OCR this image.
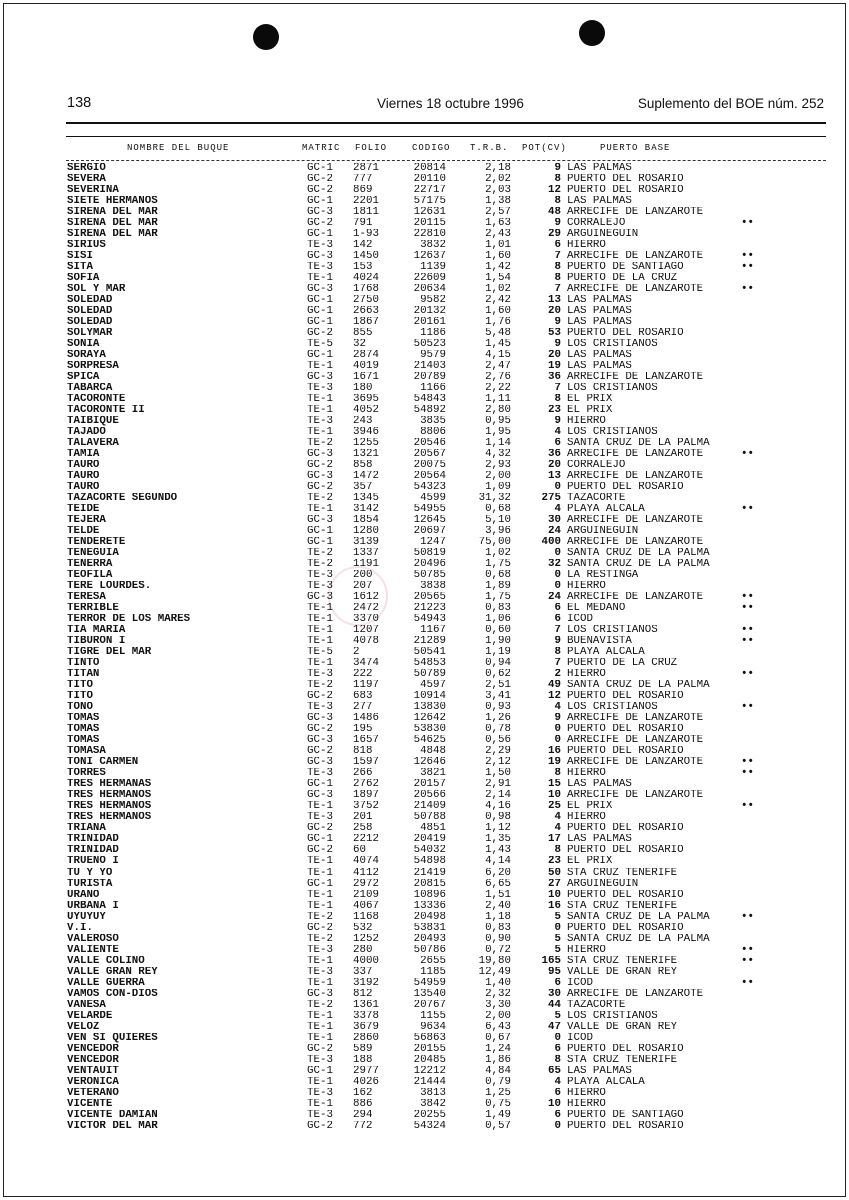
138	Viernes 18 octubre 1996	Suplemento del BOE núm. 252
NOMBRE DEL BUQUE	MATRIC FOLIO	CODIGO T.R.B. POT(CV)	PUERTO BASE
SERGIO	GC-1	2871	20814	2,18	9 LAS PALMAS
SEVERA	GC-2	777	20110	2,02	8 PUERTO DEL ROSARIO
SEVERINA	GC-2	869	22717	2,03	12 PUERTO DEL ROSARIO
SIETE HERMANOS	GC-1	2201	57175	1,38	8 LAS PALMAS
SIRENA DEL MAR	GC-3	1811	12631	2,57	48 ARRECIFE DE LANZAROTE
SIRENA DEL MAR	GC-2	791	20115	1,63	9 CORRALEJO	••
SIRENA DEL MAR	GC-1	1-93	22810	2,43	29 ARGUINEGUIN
SIRIUS	TE-3	142	3832	1,01	6 HIERRO
SISI	GC-3	1450	12637	1,60	7 ARRECIFE DE LANZAROTE	••
SITA	TE-3	153	1139	1,42	8 PUERTO DE SANTIAGO	••
SOFIA	TE-1	4024	22609	1,54	8 PUERTO DE LA CRUZ
SOL Y MAR	GC-3	1768	20634	1,02	7 ARRECIFE DE LANZAROTE	••
SOLEDAD	GC-1	2750	9582	2,42	13 LAS PALMAS
SOLEDAD	GC-1	2663	20132	1,60	20 LAS PALMAS
SOLEDAD	GC-1	1867	20161	1,76	9 LAS PALMAS
SOLYMAR	GC-2	855	1186	5,48	53 PUERTO DEL ROSARIO
SONIA	TE-5	32	50523	1,45	9 LOS CRISTIANOS
SORAYA	GC-1	2874	9579	4,15	20 LAS PALMAS
SORPRESA	TE-1	4019	21403	2,47	19 LAS PALMAS
SPICA	GC-3	1671	20789	2,76	36 ARRECIFE DE LANZAROTE
TABARCA	TE-3	180	1166	2,22	7 LOS CRISTIANOS
TACORONTE	TE-1	3695	54843	1,11	8 EL PRIX
TACORONTE II	TE-1	4052	54892	2,80	23 EL PRIX
TAIBIQUE	TE-3	243	3835	0,95	9 HIERRO
TAJADO	TE-1	3946	8806	1,95	4 LOS CRISTIANOS
TALAVERA	TE-2	1255	20546	1,14	6 SANTA CRUZ DE LA PALMA
TAMIA	GC-3	1321	20567	4,32	36 ARRECIFE DE LANZAROTE	••
TAURO	GC-2	858	20075	2,93	20 CORRALEJO
TAURO	GC-3	1472	20564	2,00	13 ARRECIFE DE LANZAROTE
TAURO	GC-2	357	54323	1,09	0 PUERTO DEL ROSARIO
TAZACORTE SEGUNDO	TE-2	1345	4599	31,32	275 TAZACORTE
TEIDE	TE-1	3142	54955	0,68	4 PLAYA ALCALA	••
TEJERA	GC-3	1854	12645	5,10	30 ARRECIFE DE LANZAROTE
TELDE	GC-1	1280	20697	3,96	24 ARGUINEGUIN
TENDERETE	GC-1	3139	1247	75,00	400 ARRECIFE DE LANZAROTE
TENEGUIA	TE-2	1337	50819	1,02	0 SANTA CRUZ DE LA PALMA
TENERRA	TE-2	1191	20496	1,75	32 SANTA CRUZ DE LA PALMA
TEOFILA	TE-3	200	50785	0,68	0 LA RESTINGA
TERE LOURDES.	TE-3	207	3838	1,89	0 HIERRO
TERESA	GC-3	1612	20565	1,75	24 ARRECIFE DE LANZAROTE	••
TERRIBLE	TE-1	2472	21223	0,83	6 EL MEDANO	••
TERROR DE LOS MARES	TE-1	3370	54943	1,06	6 ICOD
TIA MARIA	TE-1	1207	1167	0,60	7 LOS CRISTIANOS	••
TIBURON I	TE-1	4078	21289	1,90	9 BUENAVISTA	••
TIGRE DEL MAR	TE-5	2	50541	1,19	8 PLAYA ALCALA
TINTO	TE-1	3474	54853	0,94	7 PUERTO DE LA CRUZ
TITAN	TE-3	222	50789	0,62	2 HIERRO	••
TITO	TE-2	1197	4597	2,51	49 SANTA CRUZ DE LA PALMA
TITO	GC-2	683	10914	3,41	12 PUERTO DEL ROSARIO
TOÑO	TE-3	277	13830	0,93	4 LOS CRISTIANOS	••
TOMAS	GC-3	1486	12642	1,26	9 ARRECIFE DE LANZAROTE
TOMAS	GC-2	195	53830	0,78	0 PUERTO DEL ROSARIO
TOMAS	GC-3	1657	54625	0,56	0 ARRECIFE DE LANZAROTE
TOMASA	GC-2	818	4848	2,29	16 PUERTO DEL ROSARIO
TONI CARMEN	GC-3	1597	12646	2,12	19 ARRECIFE DE LANZAROTE	••
TORRES	TE-3	266	3821	1,50	8 HIERRO	••
TRES HERMANAS	GC-1	2762	20157	2,91	15 LAS PALMAS
TRES HERMANOS	GC-3	1897	20566	2,14	10 ARRECIFE DE LANZAROTE
TRES HERMANOS	TE-1	3752	21409	4,16	25 EL PRIX	••
TRES HERMANOS	TE-3	201	50788	0,98	4 HIERRO
TRIANA	GC-2	258	4851	1,12	4 PUERTO DEL ROSARIO
TRINIDAD	GC-1	2212	20419	1,35	17 LAS PALMAS
TRINIDAD	GC-2	60	54032	1,43	8 PUERTO DEL ROSARIO
TRUENO I	TE-1	4074	54898	4,14	23 EL PRIX
TU Y YO	TE-1	4112	21419	6,20	50 STA CRUZ TENERIFE
TURISTA	GC-1	2972	20815	6,65	27 ARGUINEGUIN
URANO	TE-1	2109	10896	1,51	10 PUERTO DEL ROSARIO
URBANA I	TE-1	4067	13336	2,40	16 STA CRUZ TENERIFE
UYUYUY	TE-2	1168	20498	1,18	5 SANTA CRUZ DE LA PALMA	••
V.I.	GC-2	532	53831	0,83	0 PUERTO DEL ROSARIO
VALEROSO	TE-2	1252	20493	0,90	5 SANTA CRUZ DE LA PALMA
VALIENTE	TE-3	280	50786	0,72	5 HIERRO	••
VALLE COLINO	TE-1	4000	2655	19,80	165 STA CRUZ TENERIFE	••
VALLE GRAN REY	TE-3	337	1185	12,49	95 VALLE DE GRAN REY
VALLE GUERRA	TE-1	3192	54959	1,40	6 ICOD	••
VAMOS CON-DIOS	GC-3	812	13540	2,32	30 ARRECIFE DE LANZAROTE
VANESA	TE-2	1361	20767	3,30	44 TAZACORTE
VELARDE	TE-1	3378	1155	2,00	5 LOS CRISTIANOS
VELOZ	TE-1	3679	9634	6,43	47 VALLE DE GRAN REY
VEN SI QUIERES	TE-1	2860	56863	0,67	0 ICOD
VENCEDOR	GC-2	589	20155	1,24	6 PUERTO DEL ROSARIO
VENCEDOR	TE-3	188	20485	1,86	8 STA CRUZ TENERIFE
VENTAUIT	GC-1	2977	12212	4,84	65 LAS PALMAS
VERONICA	TE-1	4026	21444	0,79	4 PLAYA ALCALA
VETERANO	TE-3	162	3813	1,25	6 HIERRO
VICENTE	TE-1	886	3842	0,75	10 HIERRO
VICENTE DAMIAN	TE-3	294	20255	1,49	6 PUERTO DE SANTIAGO
VICTOR DEL MAR	GC-2	772	54324	0,57	0 PUERTO DEL ROSARIO
